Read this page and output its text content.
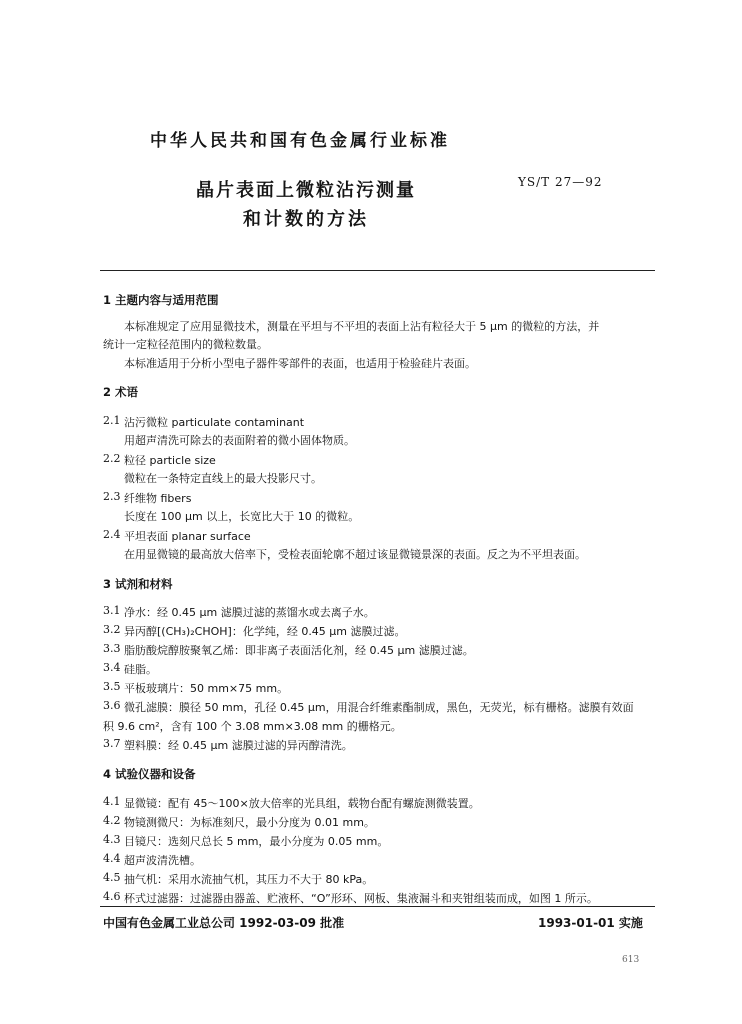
中华人民共和国有色金属行业标准
晶片表面上微粒沾污测量
和计数的方法
YS/T 27—92
1 主题内容与适用范围
本标准规定了应用显微技术，测量在平坦与不平坦的表面上沾有粒径大于 5 μm 的微粒的方法，并
统计一定粒径范围内的微粒数量。
本标准适用于分析小型电子器件零部件的表面，也适用于检验硅片表面。
2 术语
2.1 沾污微粒 particulate contaminant
用超声清洗可除去的表面附着的微小固体物质。
2.2 粒径 particle size
微粒在一条特定直线上的最大投影尺寸。
2.3 纤维物 fibers
长度在 100 μm 以上，长宽比大于 10 的微粒。
2.4 平坦表面 planar surface
在用显微镜的最高放大倍率下，受检表面轮廓不超过该显微镜景深的表面。反之为不平坦表面。
3 试剂和材料
3.1 净水：经 0.45 μm 滤膜过滤的蒸馏水或去离子水。
3.2 异丙醇[(CH₃)₂CHOH]：化学纯，经 0.45 μm 滤膜过滤。
3.3 脂肪酸烷醇胺聚氧乙烯：即非离子表面活化剂，经 0.45 μm 滤膜过滤。
3.4 硅脂。
3.5 平板玻璃片：50 mm×75 mm。
3.6 微孔滤膜：膜径 50 mm，孔径 0.45 μm，用混合纤维素酯制成，黑色，无荧光，标有栅格。滤膜有效面
积 9.6 cm²，含有 100 个 3.08 mm×3.08 mm 的栅格元。
3.7 塑料膜：经 0.45 μm 滤膜过滤的异丙醇清洗。
4 试验仪器和设备
4.1 显微镜：配有 45～100×放大倍率的光具组，载物台配有螺旋测微装置。
4.2 物镜测微尺：为标准刻尺，最小分度为 0.01 mm。
4.3 目镜尺：选刻尺总长 5 mm，最小分度为 0.05 mm。
4.4 超声波清洗槽。
4.5 抽气机：采用水流抽气机，其压力不大于 80 kPa。
4.6 杯式过滤器：过滤器由器盖、贮液杯、“O”形环、网板、集液漏斗和夹钳组装而成，如图 1 所示。
中国有色金属工业总公司 1992-03-09 批准	1993-01-01 实施
613
